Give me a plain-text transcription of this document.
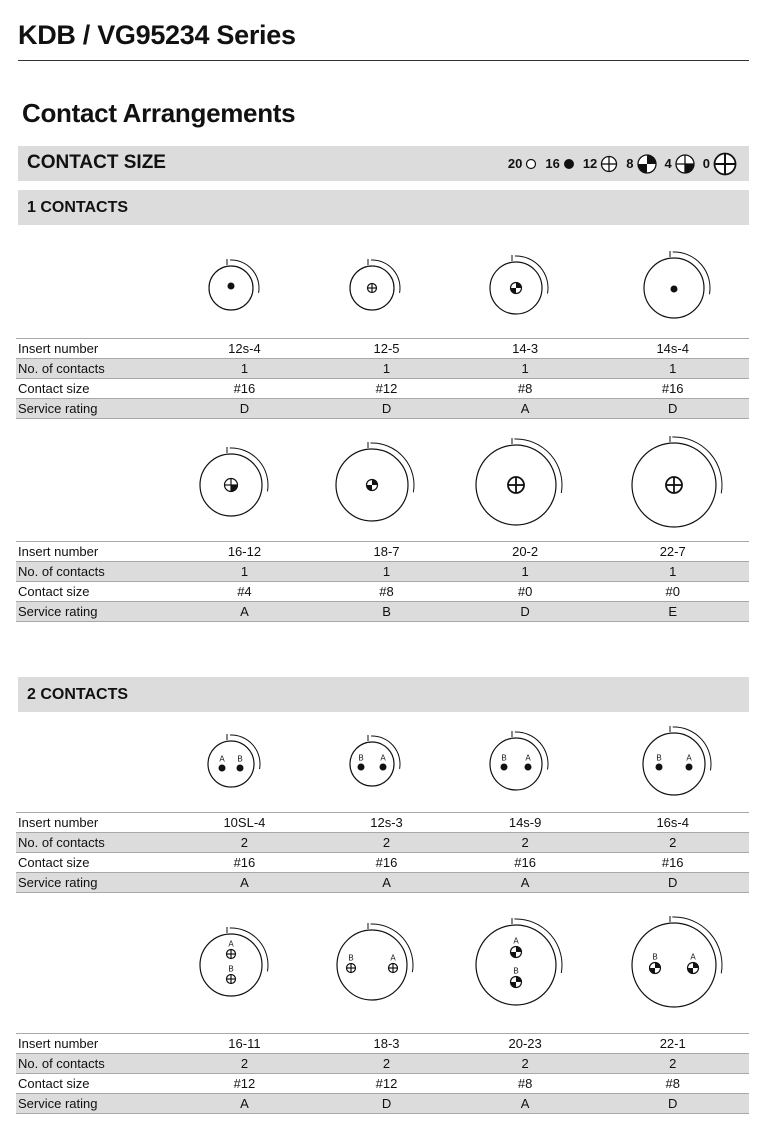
KDB / VG95234 Series
Contact Arrangements
CONTACT SIZE	20 16 12 8 4 0
1 CONTACTS
2 CONTACTS
Insert number	12s-4	12-5	14-3	14s-4
No. of contacts	1	1	1	1
Contact size	#16	#12	#8	#16
Service rating	D	D	A	D
Insert number	16-12	18-7	20-2	22-7
No. of contacts	1	1	1	1
Contact size	#4	#8	#0	#0
Service rating	A	B	D	E
A B	B A	B A	B	A
Insert number	10SL-4	12s-3	14s-9	16s-4
No. of contacts	2	2	2	2
Contact size	#16	#16	#16	#16
Service rating	A	A	A	D
A
B
B	A
A
B
B	A
Insert number	16-11	18-3	20-23	22-1
No. of contacts	2	2	2	2
Contact size	#12	#12	#8	#8
Service rating	A	D	A	D
